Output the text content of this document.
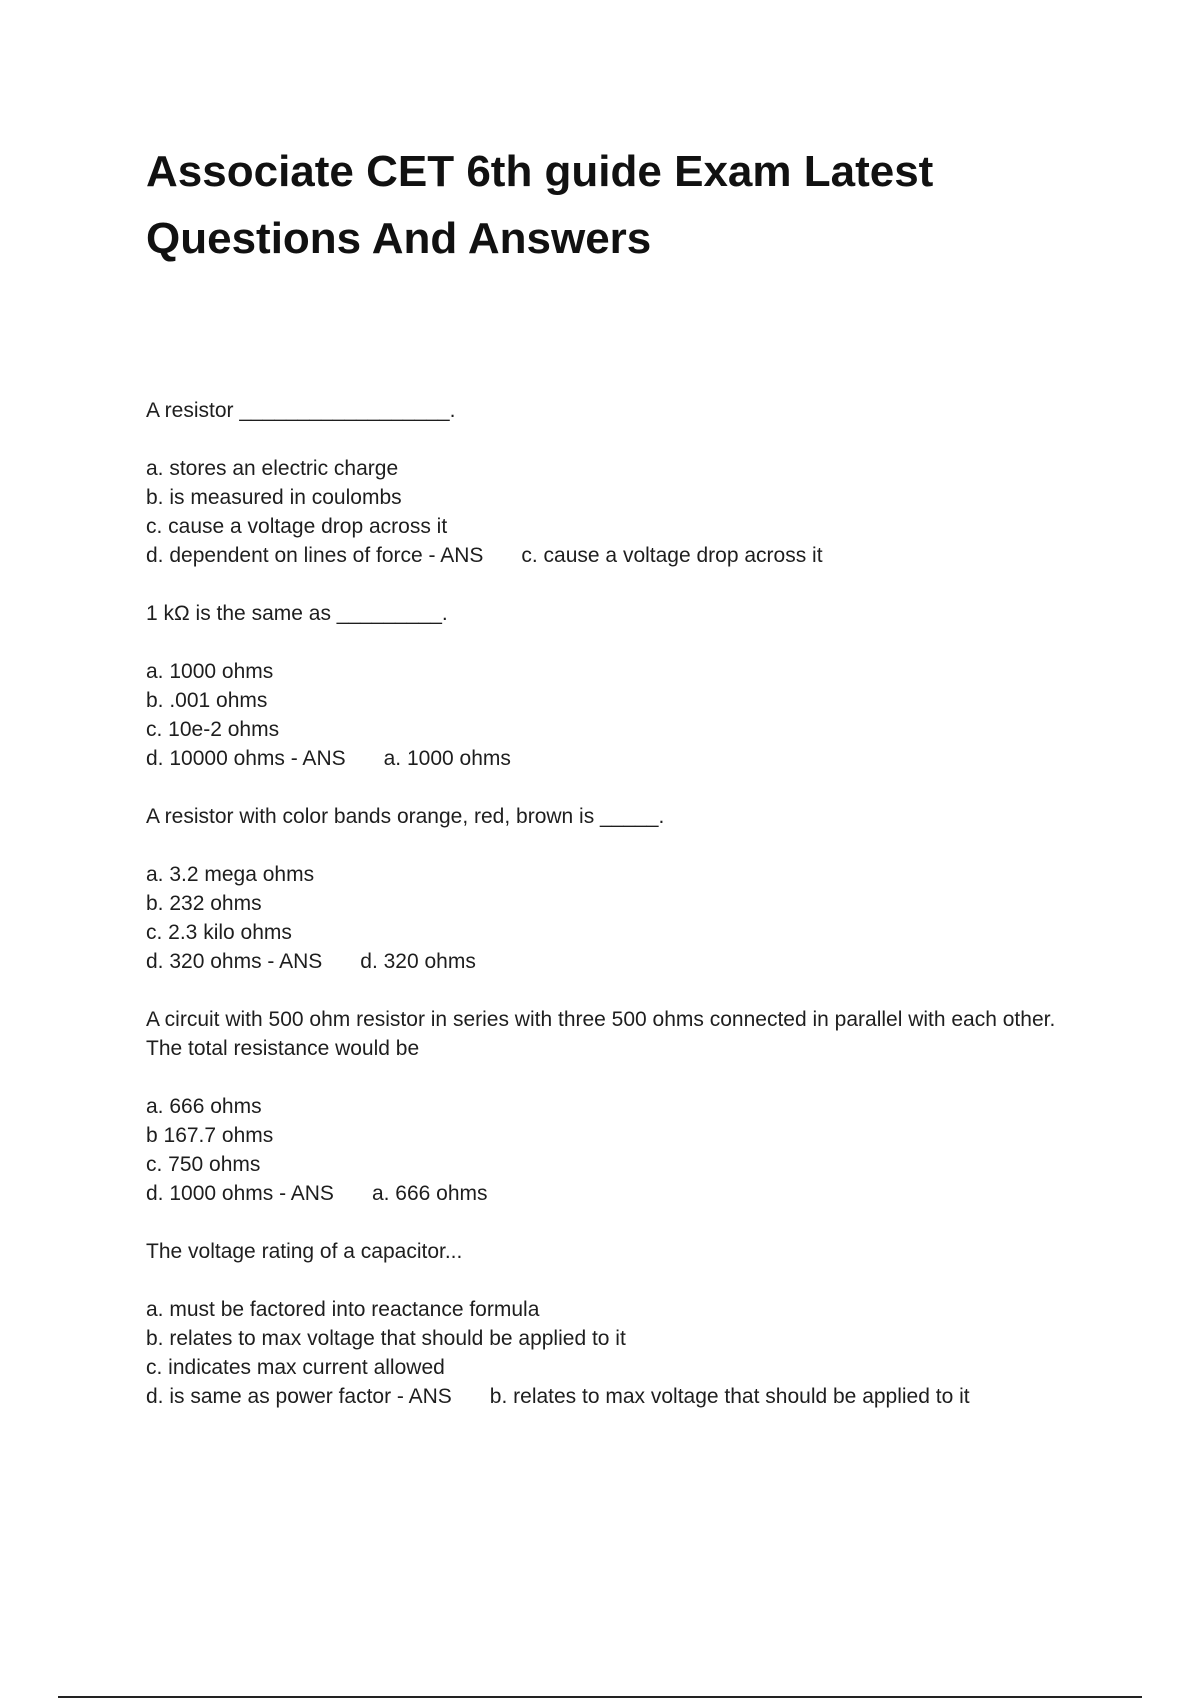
Associate CET 6th guide Exam Latest Questions And Answers

A resistor __________________.

a. stores an electric charge

b. is measured in coulombs

c. cause a voltage drop across it

d. dependent on lines of force - ANS c. cause a voltage drop across it

1 kΩ is the same as _________.

a. 1000 ohms

b. .001 ohms

c. 10e-2 ohms

d. 10000 ohms - ANS a. 1000 ohms

A resistor with color bands orange, red, brown is _____.

a. 3.2 mega ohms

b. 232 ohms

c. 2.3 kilo ohms

d. 320 ohms - ANS d. 320 ohms

A circuit with 500 ohm resistor in series with three 500 ohms connected in parallel with each other. The total resistance would be

a. 666 ohms

b 167.7 ohms

c. 750 ohms

d. 1000 ohms - ANS a. 666 ohms

The voltage rating of a capacitor...

a. must be factored into reactance formula

b. relates to max voltage that should be applied to it

c. indicates max current allowed

d. is same as power factor - ANS b. relates to max voltage that should be applied to it
